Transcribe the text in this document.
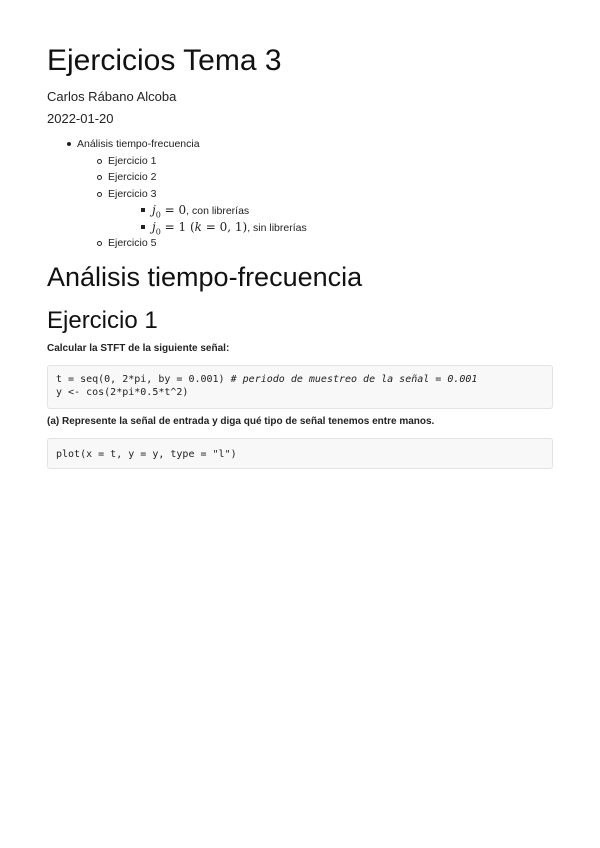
Ejercicios Tema 3
Carlos Rábano Alcoba
2022-01-20
Análisis tiempo-frecuencia
Ejercicio 1
Ejercicio 2
Ejercicio 3
$j_0 = 0$, con librerías
$j_0 = 1$ (k = 0, 1), sin librerías
Ejercicio 5
Análisis tiempo-frecuencia
Ejercicio 1
Calcular la STFT de la siguiente señal:
t = seq(0, 2*pi, by = 0.001) # periodo de muestreo de la señal = 0.001
y <- cos(2*pi*0.5*t^2)
(a) Represente la señal de entrada y diga qué tipo de señal tenemos entre manos.
plot(x = t, y = y, type = "l")
